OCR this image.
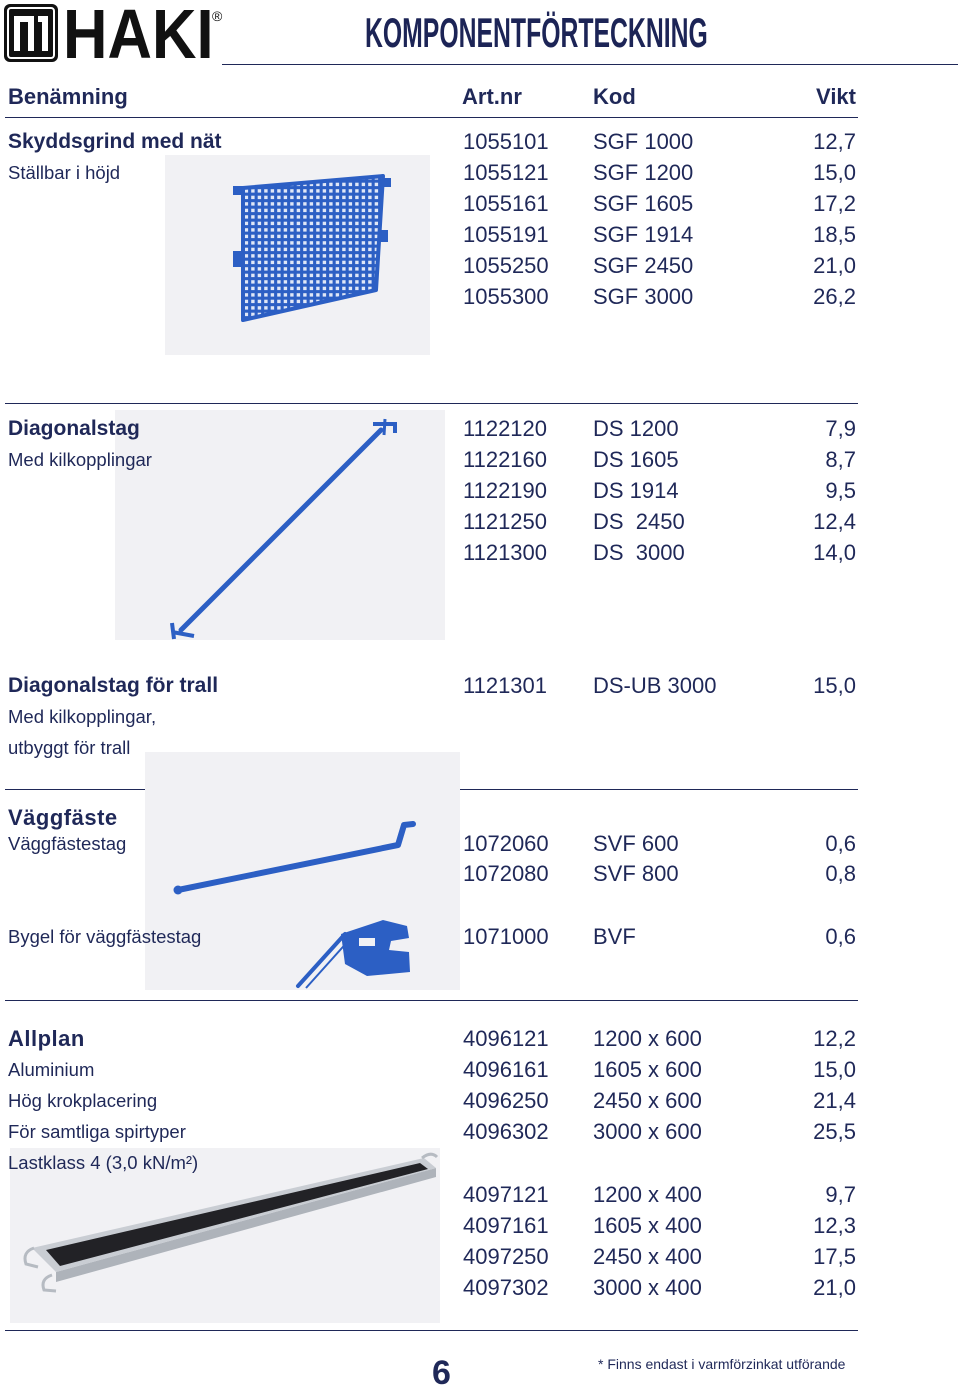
HAKI
®	KOMPONENTFÖRTECKNING
Benämning	Art.nr	Kod	Vikt
Skyddsgrind med nät	1055101 SGF 1000	12,7
Ställbar i höjd	1055121 SGF 1200	15,0
1055161 SGF 1605	17,2
1055191 SGF 1914	18,5
1055250 SGF 2450	21,0
1055300 SGF 3000	26,2
Diagonalstag	1122120 DS 1200	7,9
Med kilkopplingar	1122160 DS 1605	8,7
1122190 DS 1914	9,5
1121250 DS  2450	12,4
1121300 DS  3000	14,0
Diagonalstag för trall	1121301 DS-UB 3000	15,0
Med kilkopplingar,
utbyggt för trall
Väggfäste
Väggfästestag	1072060 SVF 600	0,6
1072080 SVF 800	0,8
Bygel för väggfästestag	1071000 BVF	0,6
Allplan	4096121 1200 x 600	12,2
Aluminium	4096161 1605 x 600	15,0
Hög krokplacering	4096250 2450 x 600	21,4
För samtliga spirtyper	4096302 3000 x 600	25,5
Lastklass 4 (3,0 kN/m²)
4097121 1200 x 400	9,7
4097161 1605 x 400	12,3
4097250 2450 x 400	17,5
4097302 3000 x 400	21,0
6	* Finns endast i varmförzinkat utförande
